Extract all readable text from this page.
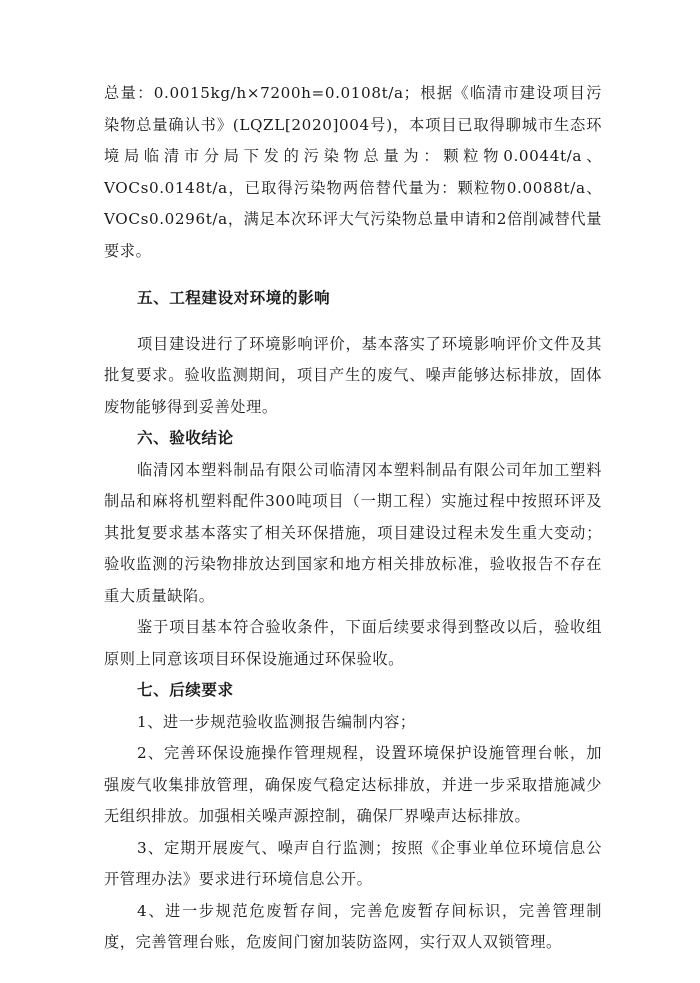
总量：0.0015kg/h×7200h=0.0108t/a；根据《临清市建设项目污染物总量确认书》(LQZL[2020]004号)，本项目已取得聊城市生态环境局临清市分局下发的污染物总量为：颗粒物0.0044t/a、VOCs0.0148t/a，已取得污染物两倍替代量为：颗粒物0.0088t/a、VOCs0.0296t/a，满足本次环评大气污染物总量申请和2倍削减替代量要求。

五、工程建设对环境的影响

项目建设进行了环境影响评价，基本落实了环境影响评价文件及其批复要求。验收监测期间，项目产生的废气、噪声能够达标排放，固体废物能够得到妥善处理。

六、验收结论

临清冈本塑料制品有限公司临清冈本塑料制品有限公司年加工塑料制品和麻将机塑料配件300吨项目（一期工程）实施过程中按照环评及其批复要求基本落实了相关环保措施，项目建设过程未发生重大变动；验收监测的污染物排放达到国家和地方相关排放标准，验收报告不存在重大质量缺陷。

鉴于项目基本符合验收条件，下面后续要求得到整改以后，验收组原则上同意该项目环保设施通过环保验收。

七、后续要求

1、进一步规范验收监测报告编制内容；

2、完善环保设施操作管理规程，设置环境保护设施管理台帐，加强废气收集排放管理，确保废气稳定达标排放，并进一步采取措施减少无组织排放。加强相关噪声源控制，确保厂界噪声达标排放。

3、定期开展废气、噪声自行监测；按照《企事业单位环境信息公开管理办法》要求进行环境信息公开。

4、进一步规范危废暂存间，完善危废暂存间标识，完善管理制度，完善管理台账，危废间门窗加装防盗网，实行双人双锁管理。
